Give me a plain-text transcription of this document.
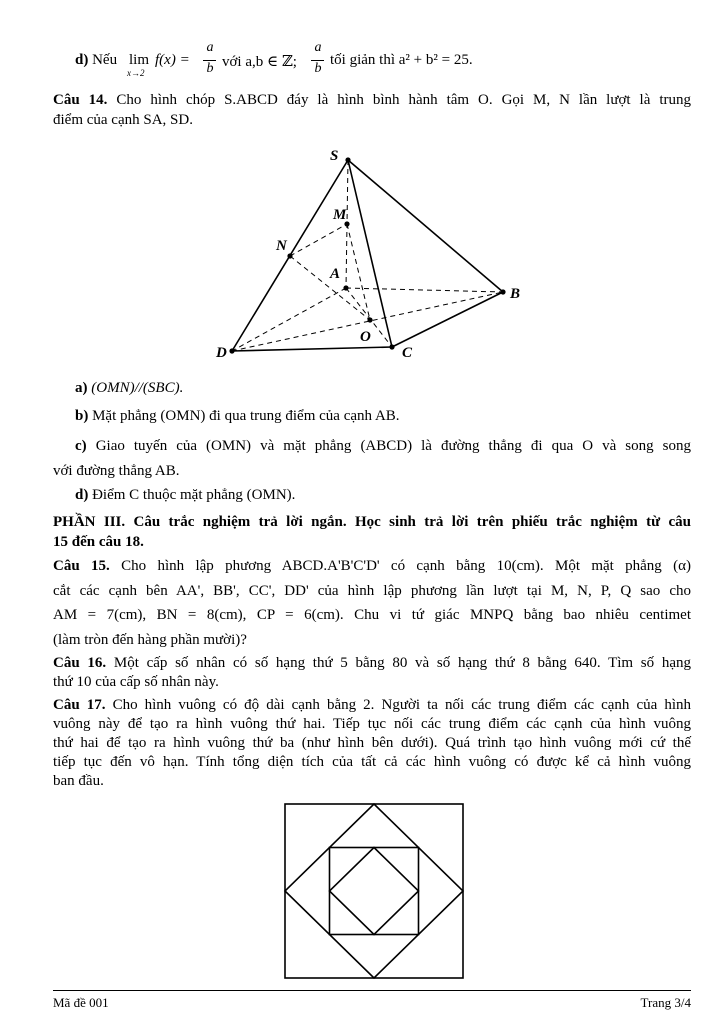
d) Nếu lim
x→2
f(x) =
a
b với a,b ∈ ℤ;
a
b
tối giản thì a² + b² = 25.
Câu 14. Cho hình chóp S.ABCD đáy là hình bình hành tâm O. Gọi M, N lần lượt là trung
điểm của cạnh SA, SD.
S
M
N
A
B
O
D	C
a) (OMN)//(SBC).
b) Mặt phẳng (OMN) đi qua trung điểm của cạnh AB.
c) Giao tuyến của (OMN) và mặt phẳng (ABCD) là đường thẳng đi qua O và song song
với đường thẳng AB.
d) Điểm C thuộc mặt phẳng (OMN).
PHẦN III. Câu trắc nghiệm trả lời ngắn. Học sinh trả lời trên phiếu trắc nghiệm từ câu
15 đến câu 18.
Câu 15. Cho hình lập phương ABCD.A'B'C'D' có cạnh bằng 10(cm). Một mặt phẳng (α)
cắt các cạnh bên AA', BB', CC', DD' của hình lập phương lần lượt tại M, N, P, Q sao cho
AM = 7(cm), BN = 8(cm), CP = 6(cm). Chu vi tứ giác MNPQ bằng bao nhiêu centimet
(làm tròn đến hàng phần mười)?
Câu 16. Một cấp số nhân có số hạng thứ 5 bằng 80 và số hạng thứ 8 bằng 640. Tìm số hạng
thứ 10 của cấp số nhân này.
Câu 17. Cho hình vuông có độ dài cạnh bằng 2. Người ta nối các trung điểm các cạnh của hình
vuông này để tạo ra hình vuông thứ hai. Tiếp tục nối các trung điểm các cạnh của hình vuông
thứ hai để tạo ra hình vuông thứ ba (như hình bên dưới). Quá trình tạo hình vuông mới cứ thế
tiếp tục đến vô hạn. Tính tổng diện tích của tất cả các hình vuông có được kể cả hình vuông
ban đầu.
Mã đề 001	Trang 3/4
